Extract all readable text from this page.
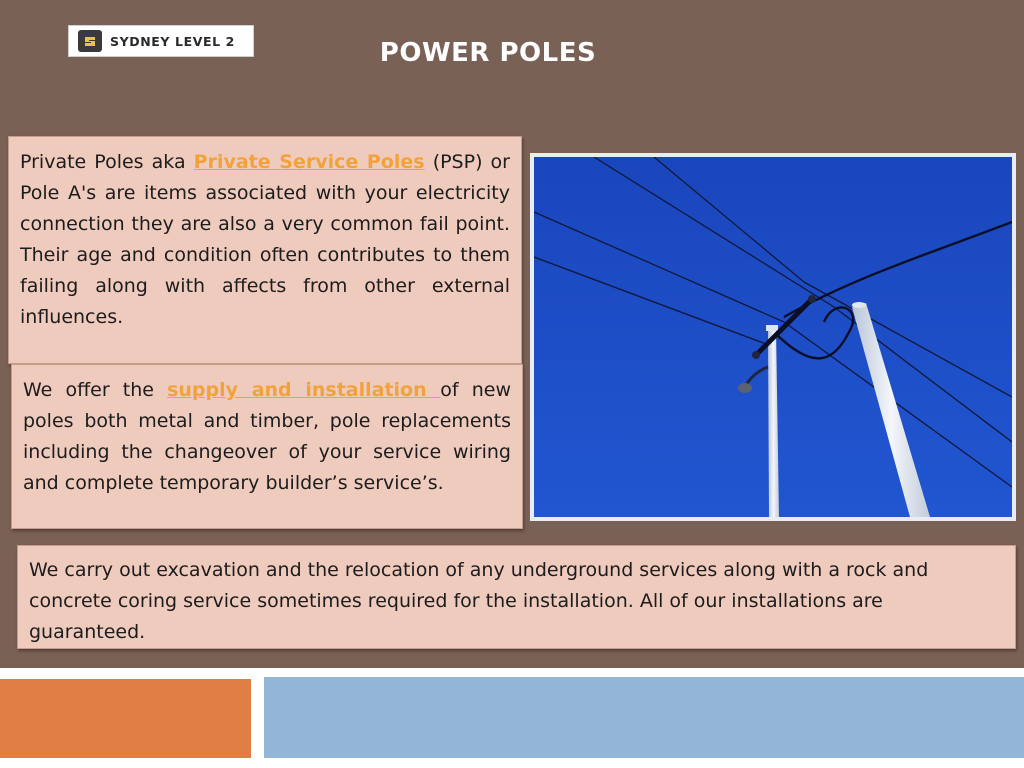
SYDNEY LEVEL 2	POWER POLES

Private Poles aka Private Service Poles (PSP) or Pole A's are items associated with your electricity connection they are also a very common fail point. Their age and condition often contributes to them failing along with affects from other external influences.

We offer the supply and installation of new poles both metal and timber, pole replacements including the changeover of your service wiring and complete temporary builder’s service’s.

We carry out excavation and the relocation of any underground services along with a rock and concrete coring service sometimes required for the installation. All of our installations are guaranteed.
